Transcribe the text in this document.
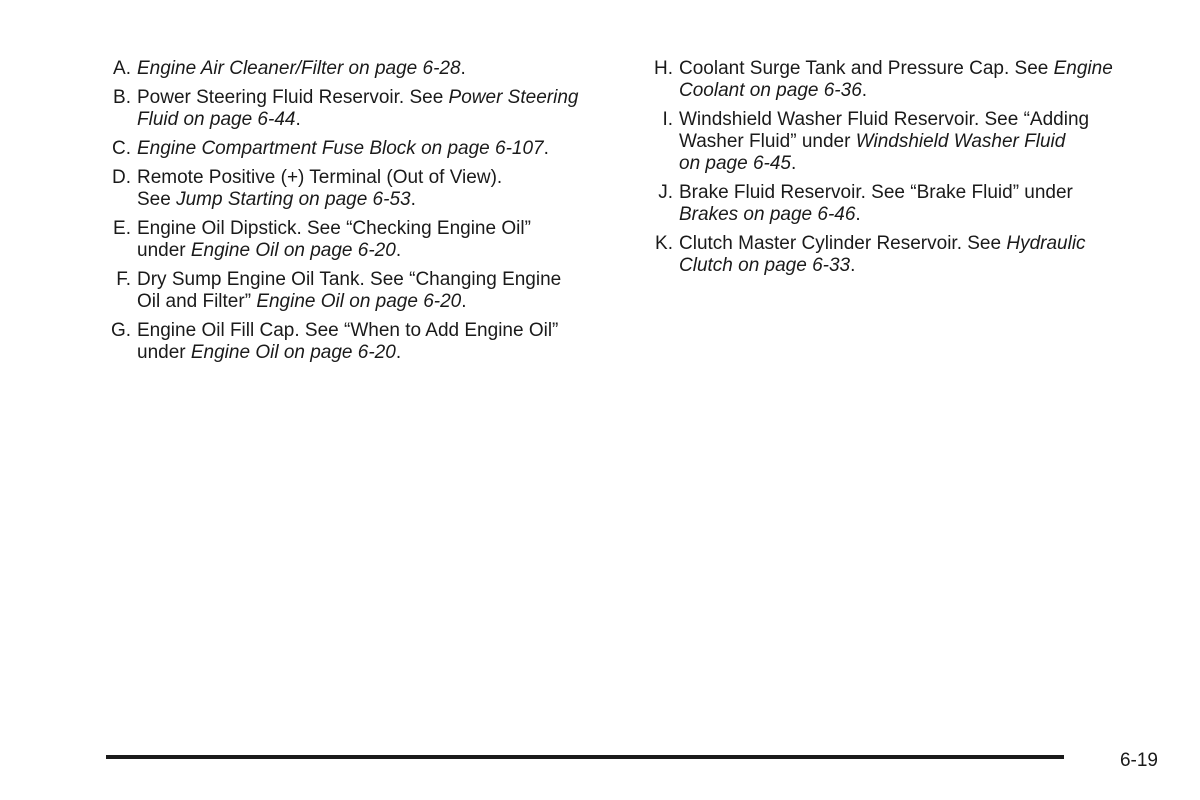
A. Engine Air Cleaner/Filter on page 6-28.
B. Power Steering Fluid Reservoir. See Power Steering
Fluid on page 6-44.
C. Engine Compartment Fuse Block on page 6-107.
D. Remote Positive (+) Terminal (Out of View).
See Jump Starting on page 6-53.
E. Engine Oil Dipstick. See “Checking Engine Oil”
under Engine Oil on page 6-20.
F. Dry Sump Engine Oil Tank. See “Changing Engine
Oil and Filter” Engine Oil on page 6-20.
G. Engine Oil Fill Cap. See “When to Add Engine Oil”
under Engine Oil on page 6-20.
H. Coolant Surge Tank and Pressure Cap. See Engine
Coolant on page 6-36.
I. Windshield Washer Fluid Reservoir. See “Adding
Washer Fluid” under Windshield Washer Fluid
on page 6-45.
J. Brake Fluid Reservoir. See “Brake Fluid” under
Brakes on page 6-46.
K. Clutch Master Cylinder Reservoir. See Hydraulic
Clutch on page 6-33.
6-19
